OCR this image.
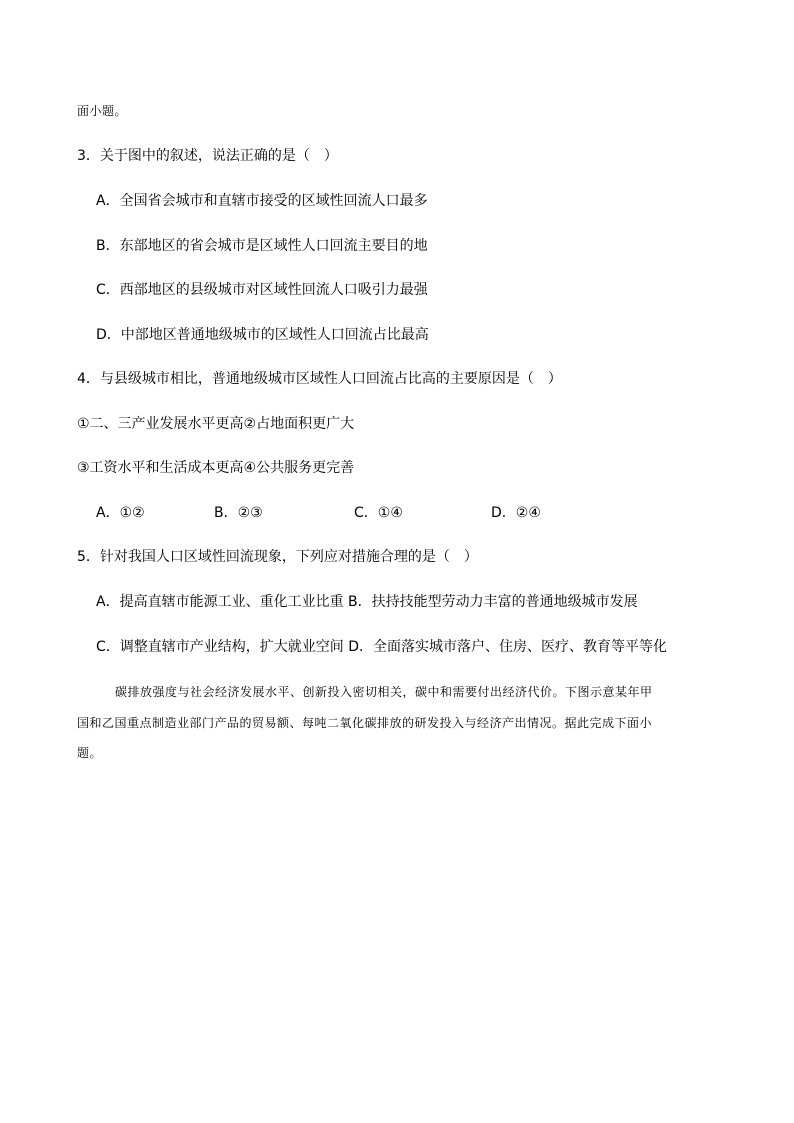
面小题。
3．关于图中的叙述，说法正确的是（　）
A．全国省会城市和直辖市接受的区域性回流人口最多
B．东部地区的省会城市是区域性人口回流主要目的地
C．西部地区的县级城市对区域性回流人口吸引力最强
D．中部地区普通地级城市的区域性人口回流占比最高
4．与县级城市相比，普通地级城市区域性人口回流占比高的主要原因是（　）
①二、三产业发展水平更高②占地面积更广大
③工资水平和生活成本更高④公共服务更完善
A．①②	B．②③	C．①④	D．②④
5．针对我国人口区域性回流现象，下列应对措施合理的是（　）
A．提高直辖市能源工业、重化工业比重 B．扶持技能型劳动力丰富的普通地级城市发展
C．调整直辖市产业结构，扩大就业空间 D．全面落实城市落户、住房、医疗、教育等平等化
碳排放强度与社会经济发展水平、创新投入密切相关，碳中和需要付出经济代价。下图示意某年甲
国和乙国重点制造业部门产品的贸易额、每吨二氧化碳排放的研发投入与经济产出情况。据此完成下面小
题。
